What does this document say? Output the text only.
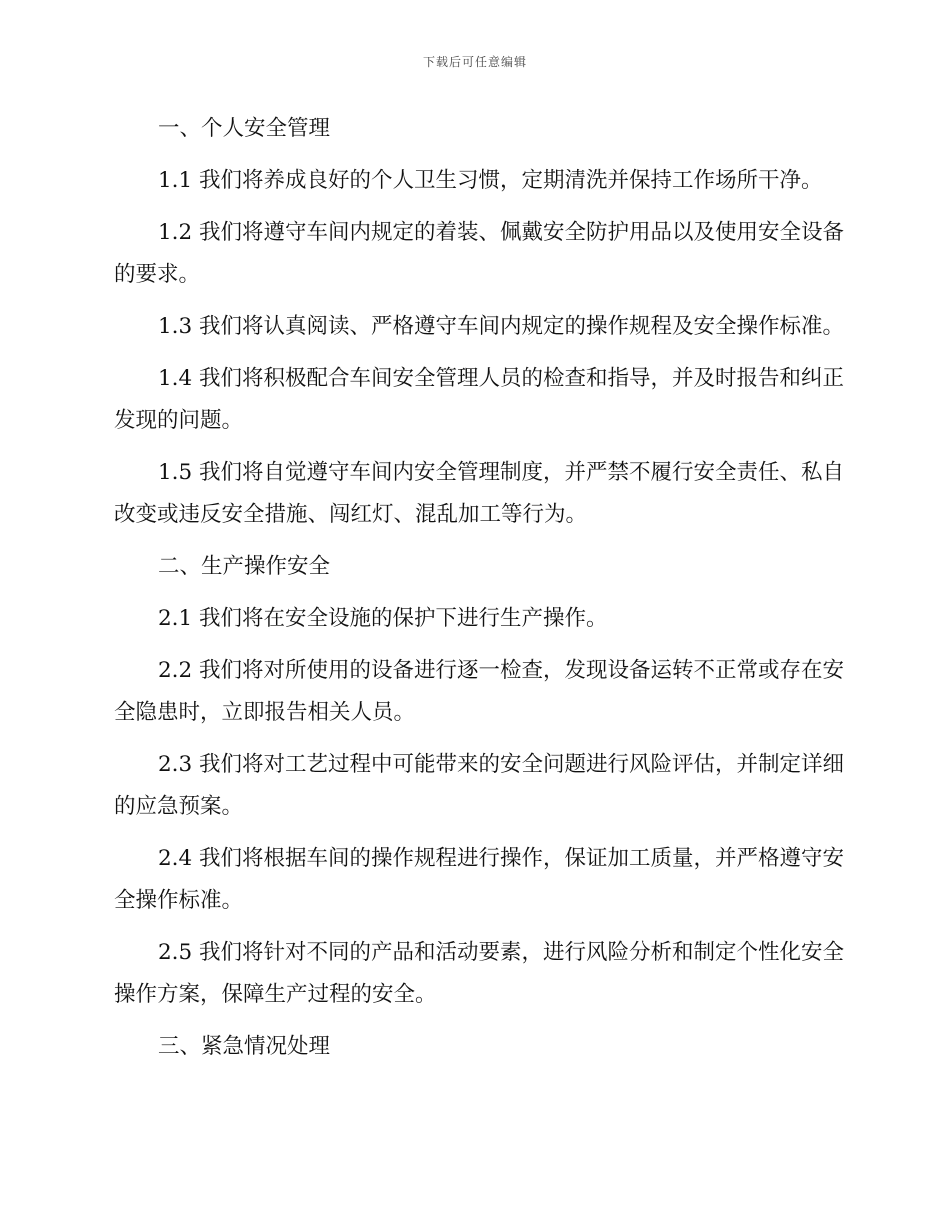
下载后可任意编辑

一、个人安全管理

1.1 我们将养成良好的个人卫生习惯，定期清洗并保持工作场所干净。

1.2 我们将遵守车间内规定的着装、佩戴安全防护用品以及使用安全设备

的要求。

1.3 我们将认真阅读、严格遵守车间内规定的操作规程及安全操作标准。

1.4 我们将积极配合车间安全管理人员的检查和指导，并及时报告和纠正

发现的问题。

1.5 我们将自觉遵守车间内安全管理制度，并严禁不履行安全责任、私自

改变或违反安全措施、闯红灯、混乱加工等行为。

二、生产操作安全

2.1 我们将在安全设施的保护下进行生产操作。

2.2 我们将对所使用的设备进行逐一检查，发现设备运转不正常或存在安

全隐患时，立即报告相关人员。

2.3 我们将对工艺过程中可能带来的安全问题进行风险评估，并制定详细

的应急预案。

2.4 我们将根据车间的操作规程进行操作，保证加工质量，并严格遵守安

全操作标准。

2.5 我们将针对不同的产品和活动要素，进行风险分析和制定个性化安全

操作方案，保障生产过程的安全。

三、紧急情况处理
